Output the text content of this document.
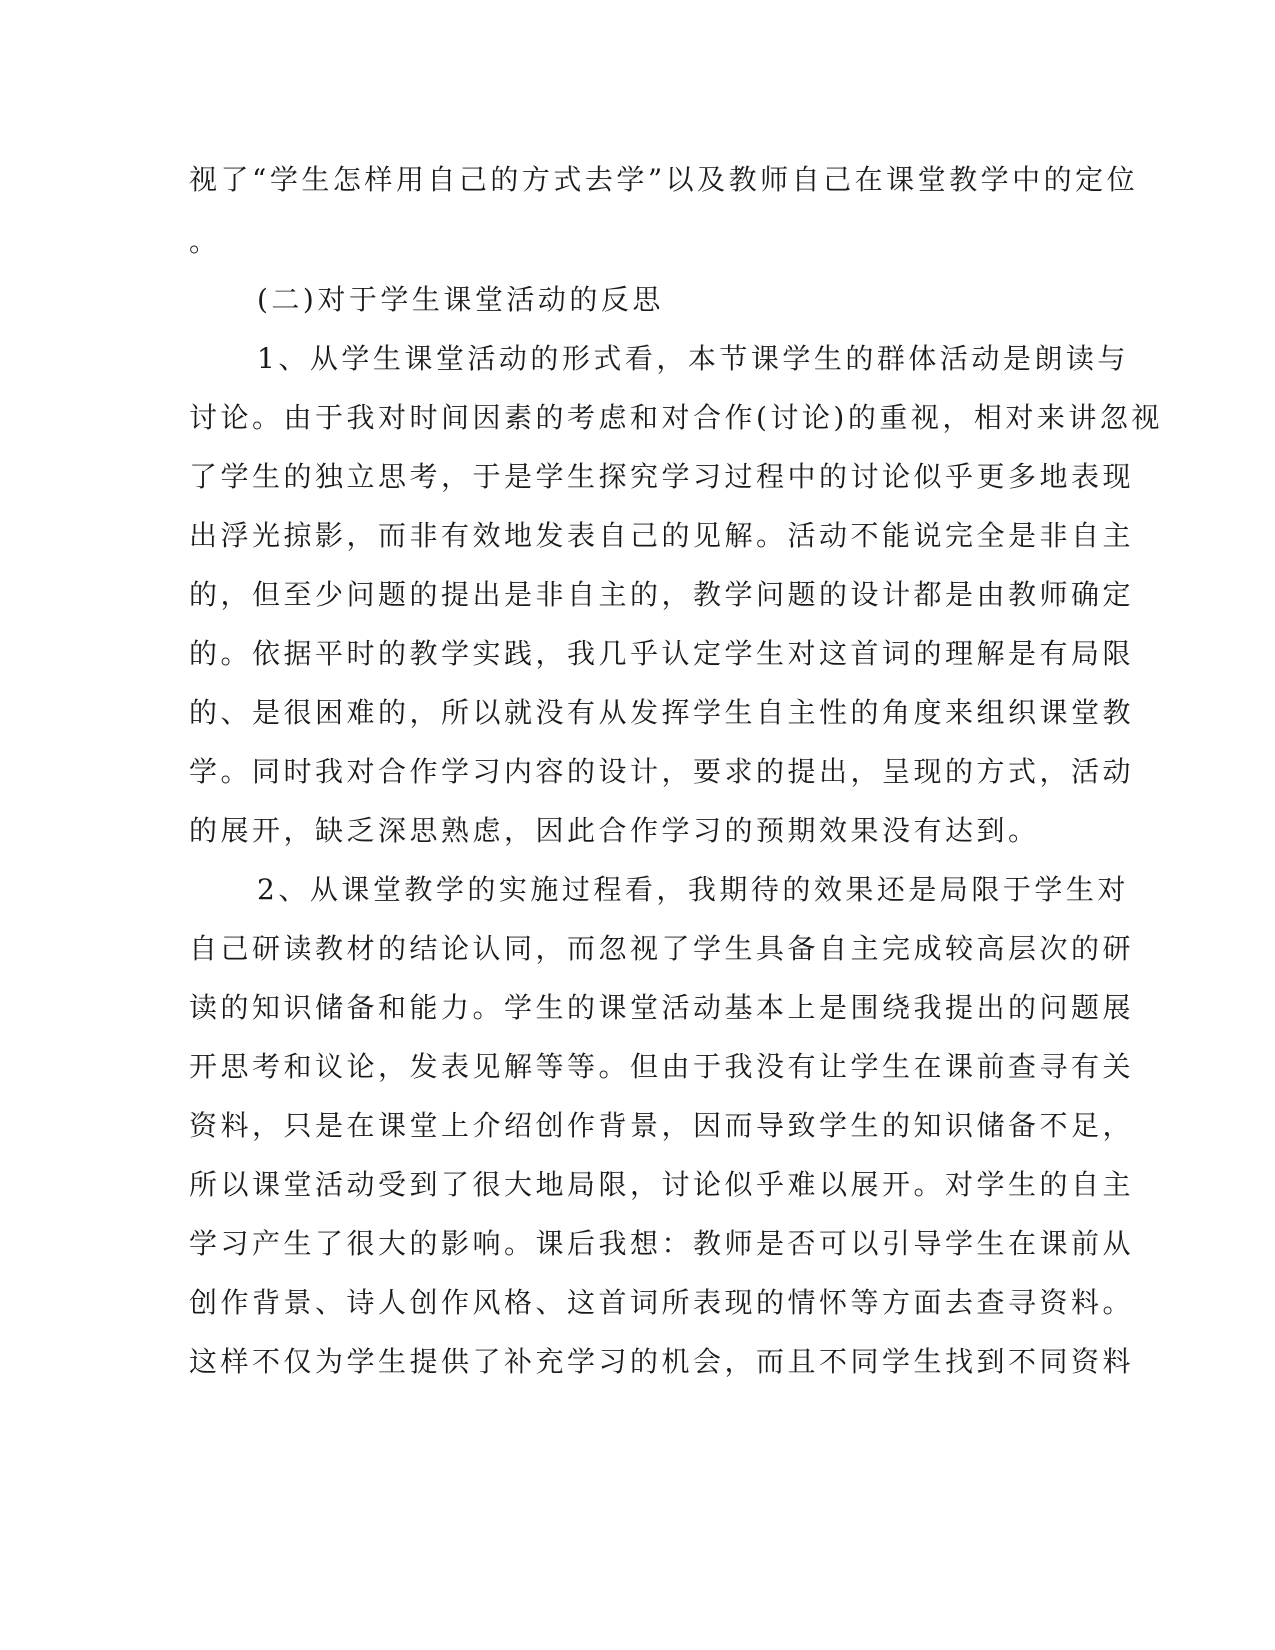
视了“学生怎样用自己的方式去学”以及教师自己在课堂教学中的定位
。
(二)对于学生课堂活动的反思
1、从学生课堂活动的形式看，本节课学生的群体活动是朗读与
讨论。由于我对时间因素的考虑和对合作(讨论)的重视，相对来讲忽视
了学生的独立思考，于是学生探究学习过程中的讨论似乎更多地表现
出浮光掠影，而非有效地发表自己的见解。活动不能说完全是非自主
的，但至少问题的提出是非自主的，教学问题的设计都是由教师确定
的。依据平时的教学实践，我几乎认定学生对这首词的理解是有局限
的、是很困难的，所以就没有从发挥学生自主性的角度来组织课堂教
学。同时我对合作学习内容的设计，要求的提出，呈现的方式，活动
的展开，缺乏深思熟虑，因此合作学习的预期效果没有达到。
2、从课堂教学的实施过程看，我期待的效果还是局限于学生对
自己研读教材的结论认同，而忽视了学生具备自主完成较高层次的研
读的知识储备和能力。学生的课堂活动基本上是围绕我提出的问题展
开思考和议论，发表见解等等。但由于我没有让学生在课前查寻有关
资料，只是在课堂上介绍创作背景，因而导致学生的知识储备不足，
所以课堂活动受到了很大地局限，讨论似乎难以展开。对学生的自主
学习产生了很大的影响。课后我想：教师是否可以引导学生在课前从
创作背景、诗人创作风格、这首词所表现的情怀等方面去查寻资料。
这样不仅为学生提供了补充学习的机会，而且不同学生找到不同资料
